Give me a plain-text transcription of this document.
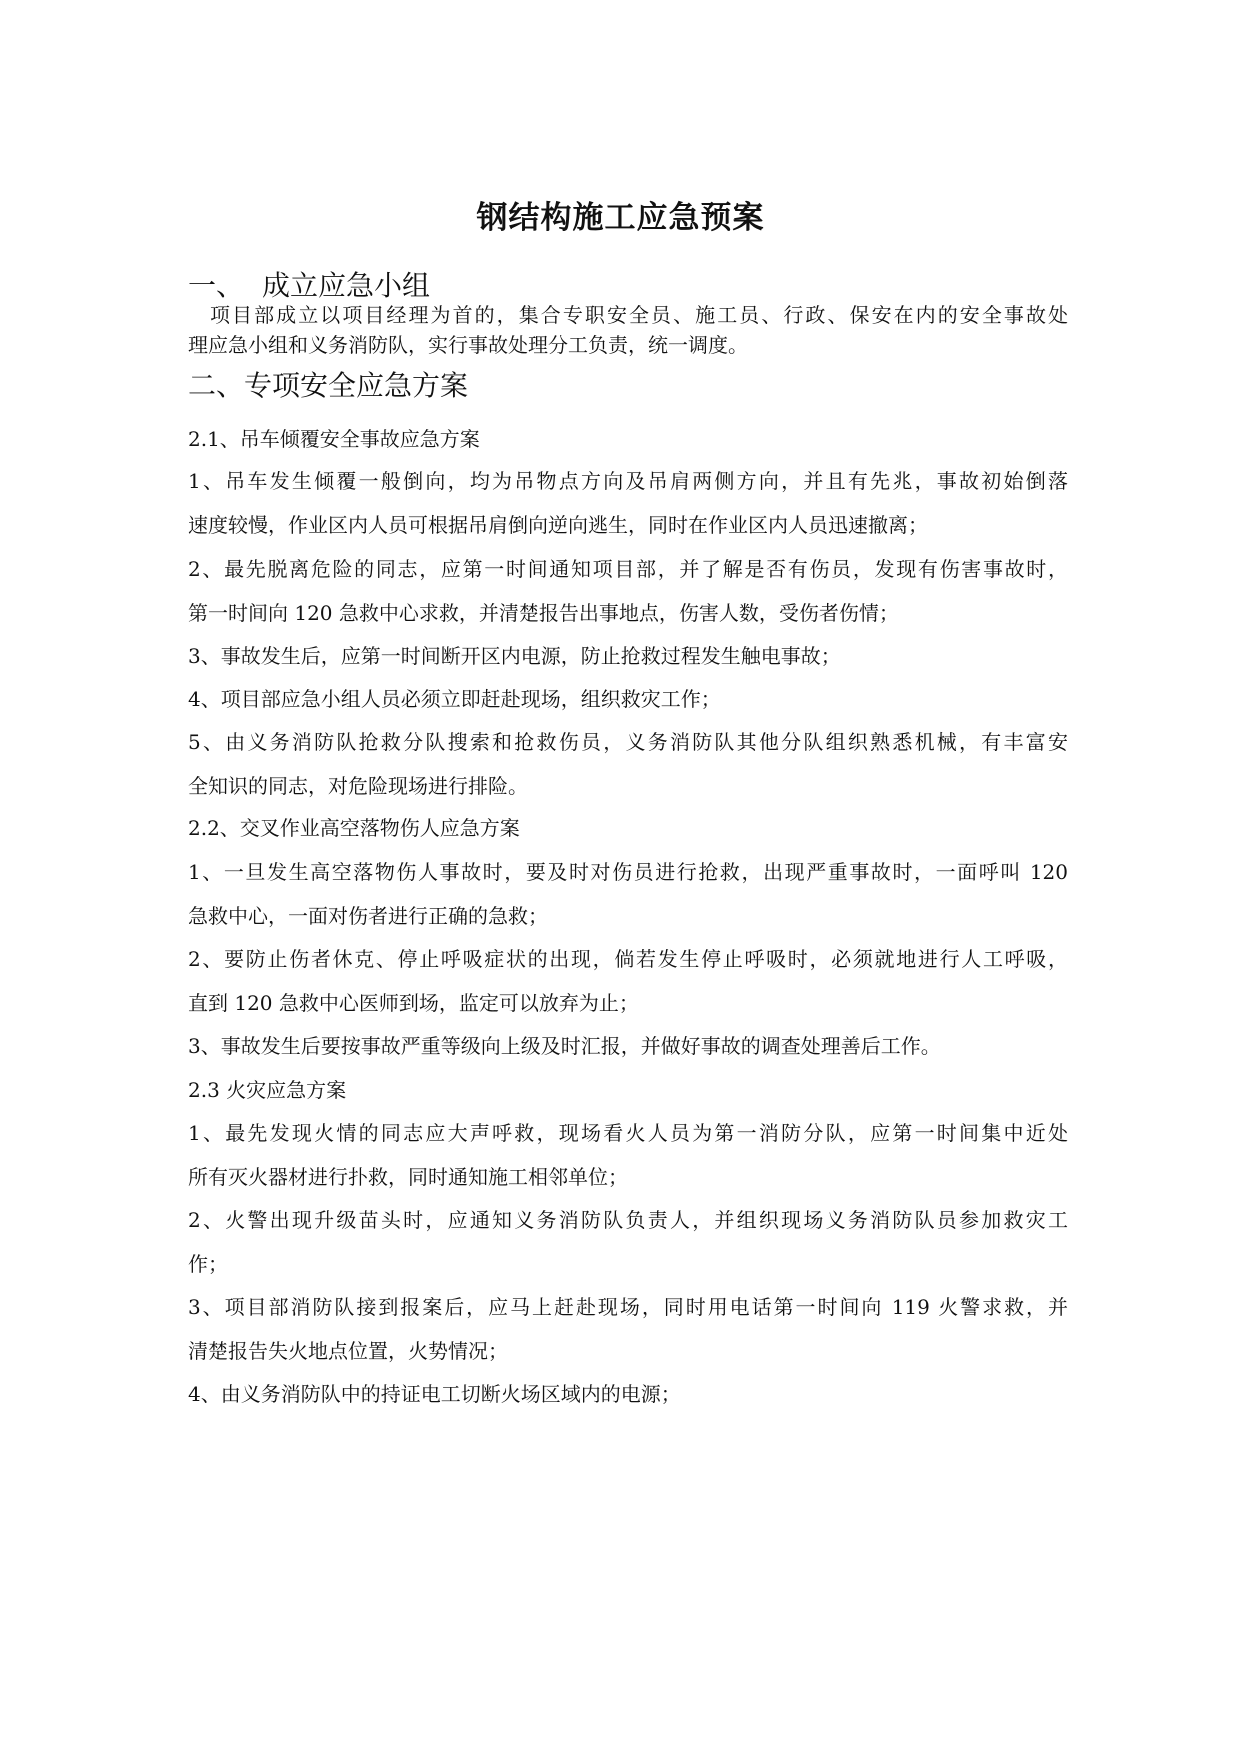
钢结构施工应急预案
一、 成立应急小组
项目部成立以项目经理为首的，集合专职安全员、施工员、行政、保安在内的安全事故处
理应急小组和义务消防队，实行事故处理分工负责，统一调度。
二、专项安全应急方案
2.1、吊车倾覆安全事故应急方案
1、吊车发生倾覆一般倒向，均为吊物点方向及吊肩两侧方向，并且有先兆，事故初始倒落
速度较慢，作业区内人员可根据吊肩倒向逆向逃生，同时在作业区内人员迅速撤离；
2、最先脱离危险的同志，应第一时间通知项目部，并了解是否有伤员，发现有伤害事故时，
第一时间向 120 急救中心求救，并清楚报告出事地点，伤害人数，受伤者伤情；
3、事故发生后，应第一时间断开区内电源，防止抢救过程发生触电事故；
4、项目部应急小组人员必须立即赶赴现场，组织救灾工作；
5、由义务消防队抢救分队搜索和抢救伤员，义务消防队其他分队组织熟悉机械，有丰富安
全知识的同志，对危险现场进行排险。
2.2、交叉作业高空落物伤人应急方案
1、一旦发生高空落物伤人事故时，要及时对伤员进行抢救，出现严重事故时，一面呼叫 120
急救中心，一面对伤者进行正确的急救；
2、要防止伤者休克、停止呼吸症状的出现，倘若发生停止呼吸时，必须就地进行人工呼吸，
直到 120 急救中心医师到场，监定可以放弃为止；
3、事故发生后要按事故严重等级向上级及时汇报，并做好事故的调查处理善后工作。
2.3 火灾应急方案
1、最先发现火情的同志应大声呼救，现场看火人员为第一消防分队，应第一时间集中近处
所有灭火器材进行扑救，同时通知施工相邻单位；
2、火警出现升级苗头时，应通知义务消防队负责人，并组织现场义务消防队员参加救灾工
作；
3、项目部消防队接到报案后，应马上赶赴现场，同时用电话第一时间向 119 火警求救，并
清楚报告失火地点位置，火势情况；
4、由义务消防队中的持证电工切断火场区域内的电源；
